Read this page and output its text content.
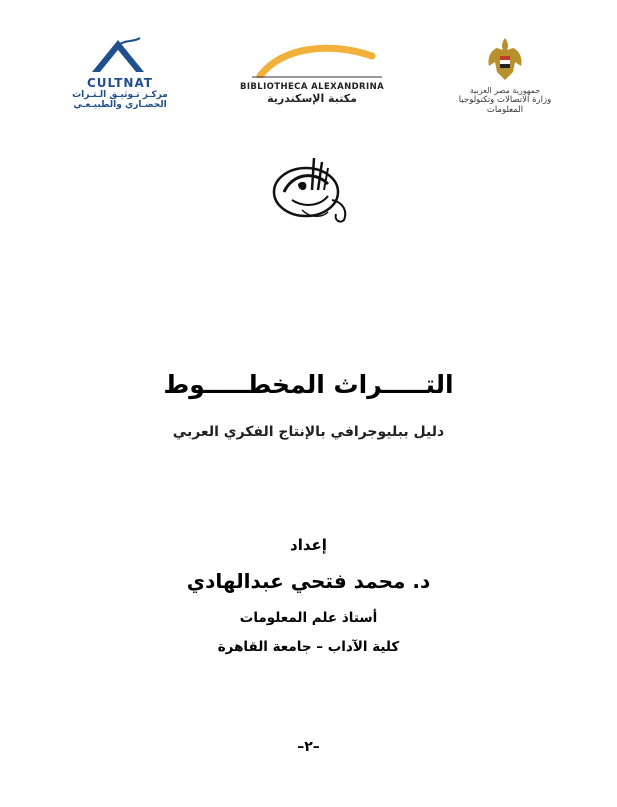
CULTNAT
مركـز تـوثيـق الـتـراث
الحضـاري والطبيـعـي
BIBLIOTHECA ALEXANDRINA
مكتبة الإسكندرية
جمهورية مصر العربية
وزارة الاتصالات وتكنولوجيا المعلومات
التـــــراث المخطـــــوط
دليل ببليوجرافي بالإنتاج الفكري العربي
إعداد
د. محمد فتحي عبدالهادي
أستاذ علم المعلومات
كلية الآداب – جامعة القاهرة
–٢–
